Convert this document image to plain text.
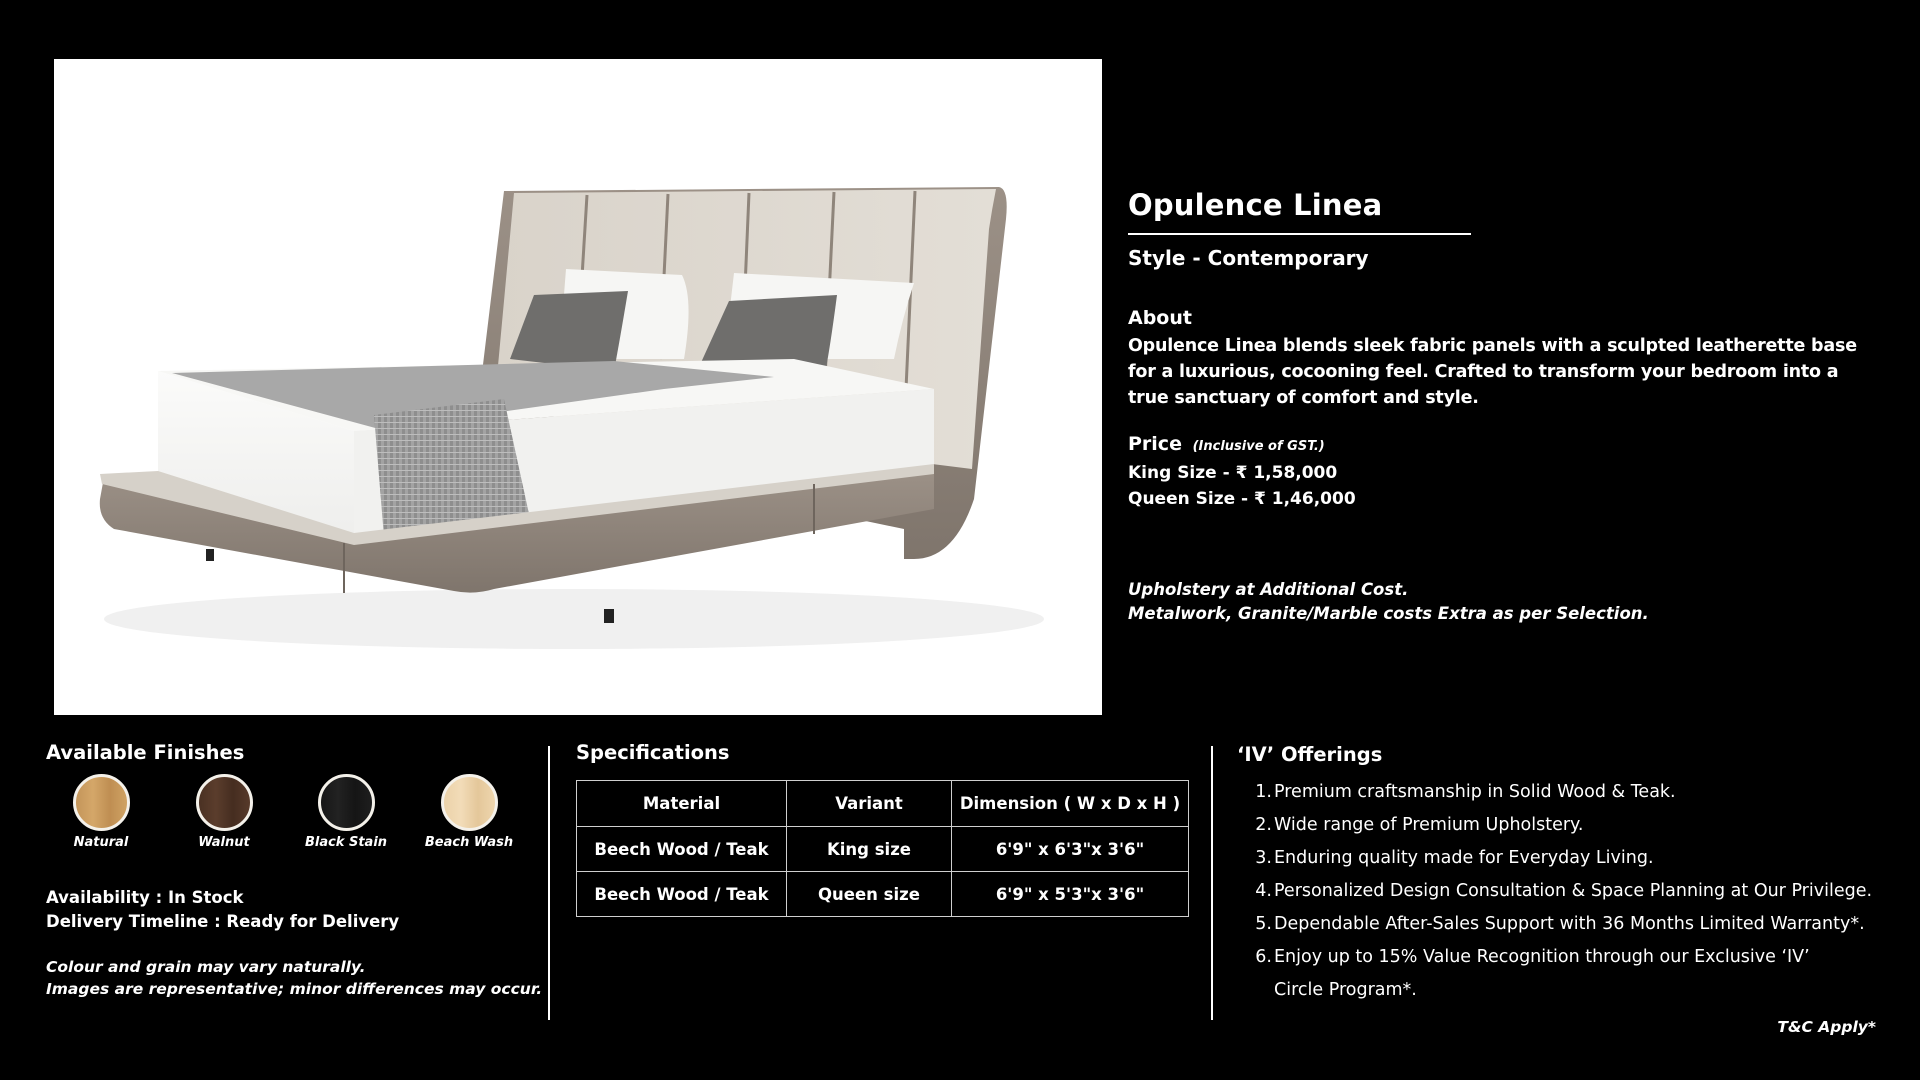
Opulence Linea
Style - Contemporary
About
Opulence Linea blends sleek fabric panels with a sculpted leatherette base
for a luxurious, cocooning feel. Crafted to transform your bedroom into a
true sanctuary of comfort and style.
Price (Inclusive of GST.)
King Size - ₹ 1,58,000
Queen Size - ₹ 1,46,000
Upholstery at Additional Cost.
Metalwork, Granite/Marble costs Extra as per Selection.
Available Finishes
Natural	Walnut	Black Stain	Beach Wash
Availability : In Stock
Delivery Timeline : Ready for Delivery
Colour and grain may vary naturally.
Images are representative; minor differences may occur.
Specifications
Material	Variant	Dimension ( W x D x H )
Beech Wood / Teak	King size	6'9" x 6'3"x 3'6"
Beech Wood / Teak	Queen size	6'9" x 5'3"x 3'6"
‘IV’ Offerings
1. Premium craftsmanship in Solid Wood & Teak.
2. Wide range of Premium Upholstery.
3. Enduring quality made for Everyday Living.
4. Personalized Design Consultation & Space Planning at Our Privilege.
5. Dependable After-Sales Support with 36 Months Limited Warranty*.
6. Enjoy up to 15% Value Recognition through our Exclusive ‘IV’ Circle Program*.
T&C Apply*
